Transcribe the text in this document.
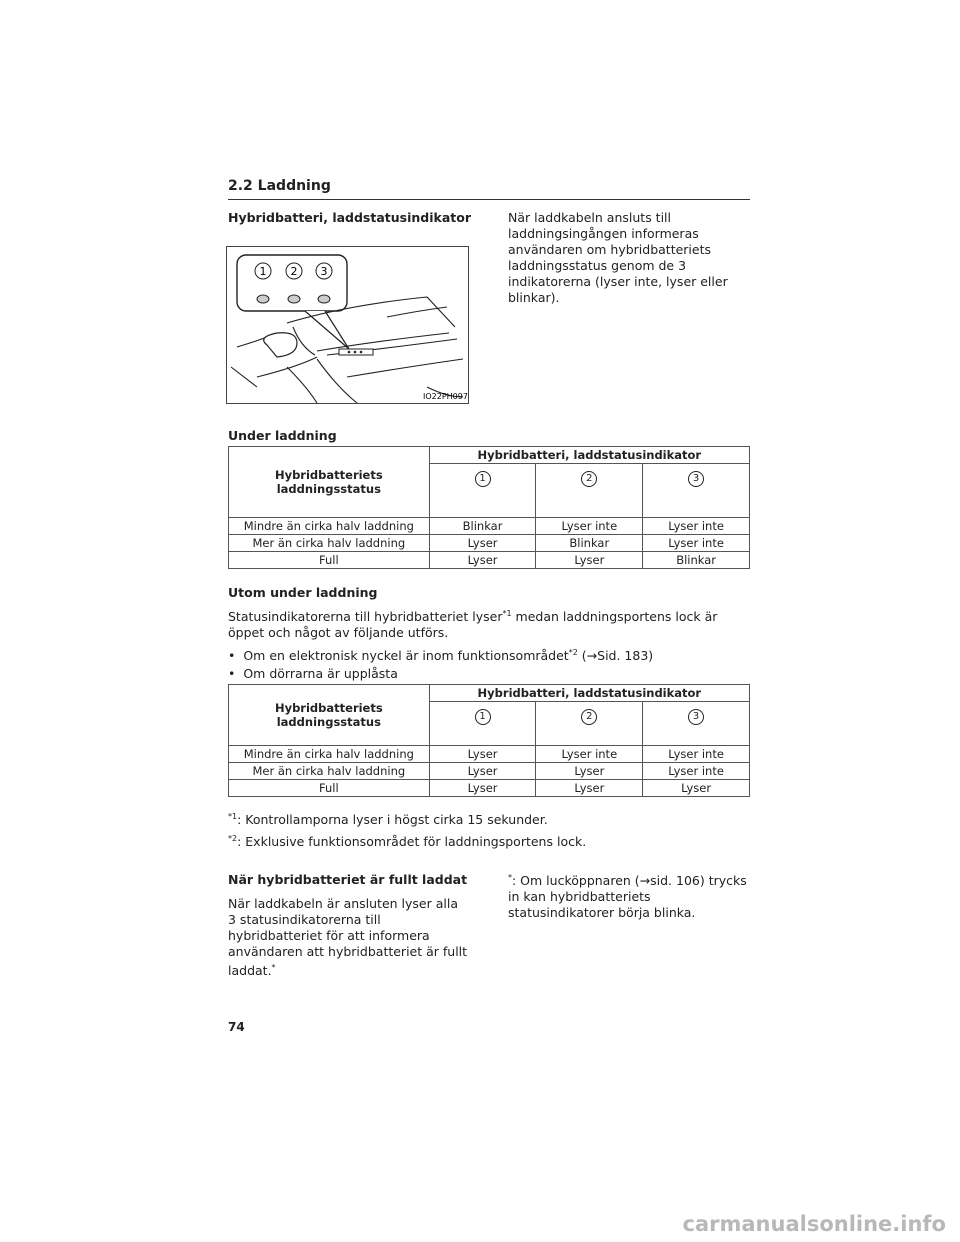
2.2 Laddning
Hybridbatteri, laddstatusindikator	När laddkabeln ansluts till laddningsingången informeras användaren om hybridbatteriets laddningsstatus genom de 3 indikatorerna (lyser inte, lyser eller blinkar).
1 2 3
IO22PH097
Under laddning
Hybridbatteriets laddningsstatus	Hybridbatteri, laddstatusindikator		
	1	2	3
Mindre än cirka halv laddning	Blinkar	Lyser inte	Lyser inte
Mer än cirka halv laddning	Lyser	Blinkar	Lyser inte
Full	Lyser	Lyser	Blinkar
Utom under laddning
Statusindikatorerna till hybridbatteriet lyser$^{*1}$ medan laddningsportens lock är öppet och något av följande utförs.
•  Om en elektronisk nyckel är inom funktionsområdet$^{*2}$ (→Sid. 183)
•  Om dörrarna är upplåsta
Hybridbatteriets laddningsstatus	Hybridbatteri, laddstatusindikator		
	1	2	3
Mindre än cirka halv laddning	Lyser	Lyser inte	Lyser inte
Mer än cirka halv laddning	Lyser	Lyser	Lyser inte
Full	Lyser	Lyser	Lyser
$^{*1}$: Kontrollamporna lyser i högst cirka 15 sekunder.
$^{*2}$: Exklusive funktionsområdet för laddningsportens lock.
När hybridbatteriet är fullt laddat
När laddkabeln är ansluten lyser alla 3 statusindikatorerna till hybridbatteriet för att informera användaren att hybridbatteriet är fullt laddat.*
*: Om lucköppnaren (→sid. 106) trycks in kan hybridbatteriets statusindikatorer börja blinka.
74
carmanualsonline.info
